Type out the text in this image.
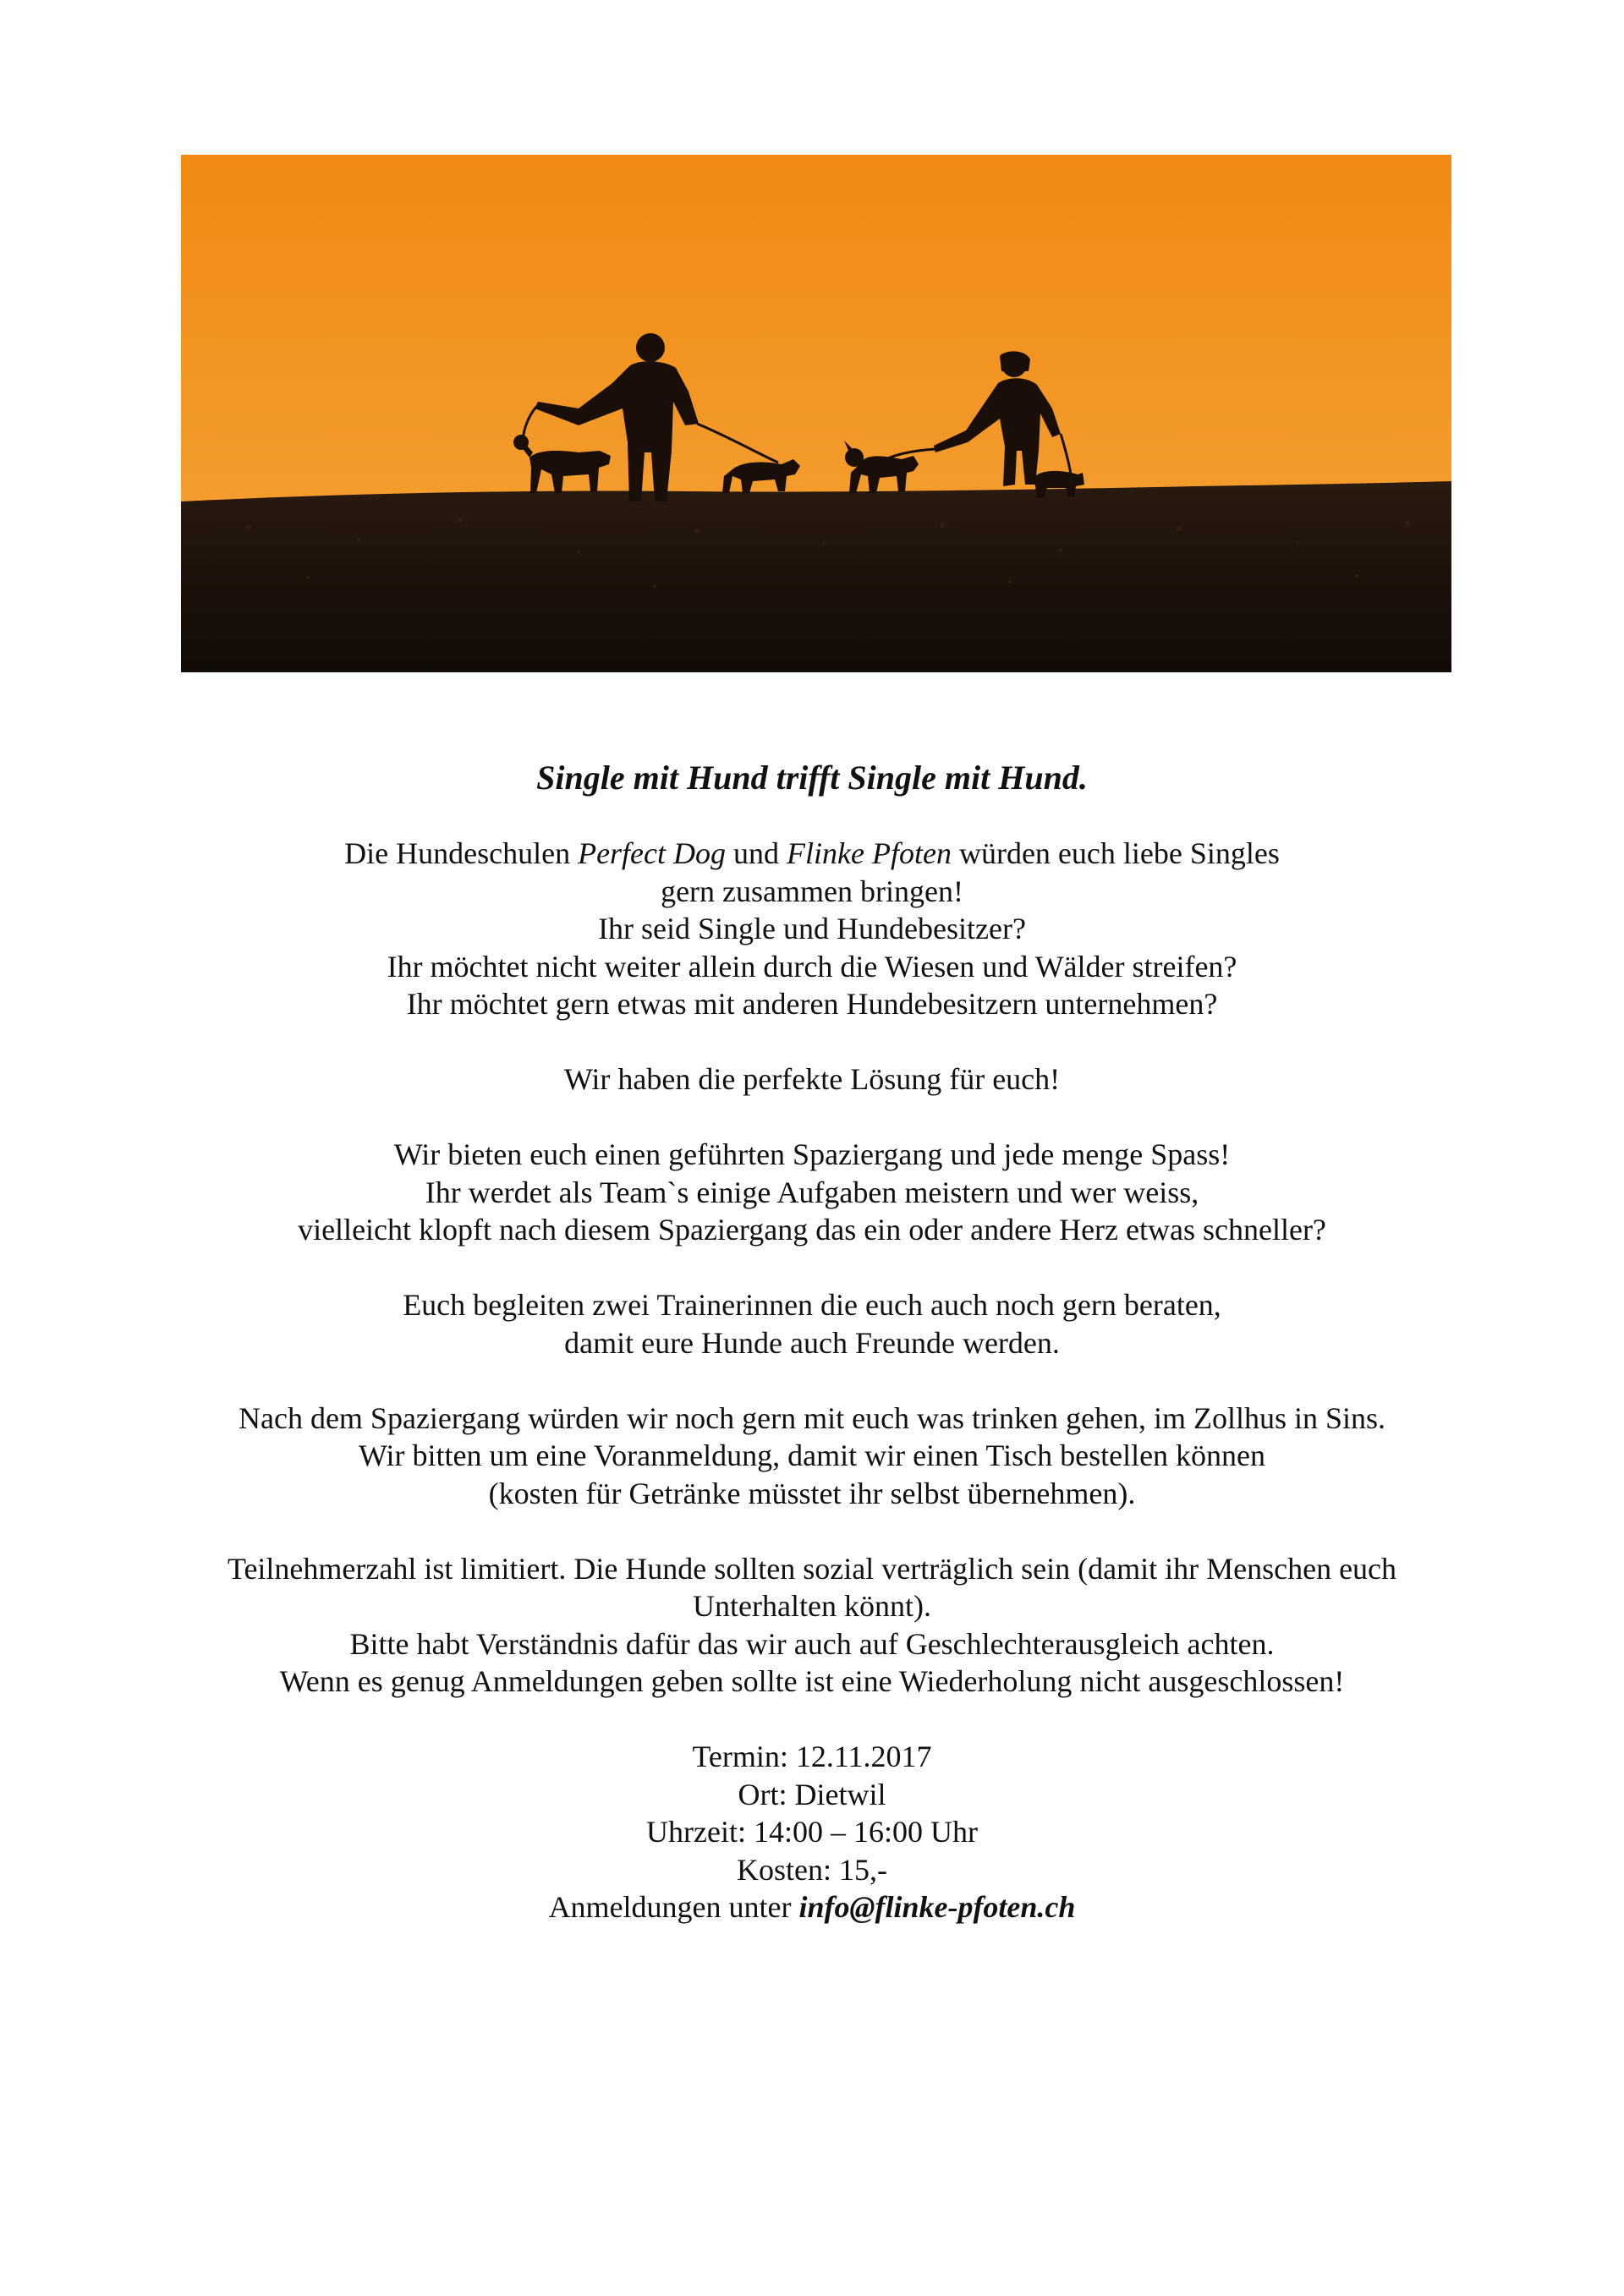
Single mit Hund trifft Single mit Hund.
Die Hundeschulen Perfect Dog und Flinke Pfoten würden euch liebe Singles
gern zusammen bringen!
Ihr seid Single und Hundebesitzer?
Ihr möchtet nicht weiter allein durch die Wiesen und Wälder streifen?
Ihr möchtet gern etwas mit anderen Hundebesitzern unternehmen?
Wir haben die perfekte Lösung für euch!
Wir bieten euch einen geführten Spaziergang und jede menge Spass!
Ihr werdet als Team`s einige Aufgaben meistern und wer weiss,
vielleicht klopft nach diesem Spaziergang das ein oder andere Herz etwas schneller?
Euch begleiten zwei Trainerinnen die euch auch noch gern beraten,
damit eure Hunde auch Freunde werden.
Nach dem Spaziergang würden wir noch gern mit euch was trinken gehen, im Zollhus in Sins.
Wir bitten um eine Voranmeldung, damit wir einen Tisch bestellen können
(kosten für Getränke müsstet ihr selbst übernehmen).
Teilnehmerzahl ist limitiert. Die Hunde sollten sozial verträglich sein (damit ihr Menschen euch
Unterhalten könnt).
Bitte habt Verständnis dafür das wir auch auf Geschlechterausgleich achten.
Wenn es genug Anmeldungen geben sollte ist eine Wiederholung nicht ausgeschlossen!
Termin: 12.11.2017
Ort: Dietwil
Uhrzeit: 14:00 – 16:00 Uhr
Kosten: 15,-
Anmeldungen unter info@flinke-pfoten.ch
